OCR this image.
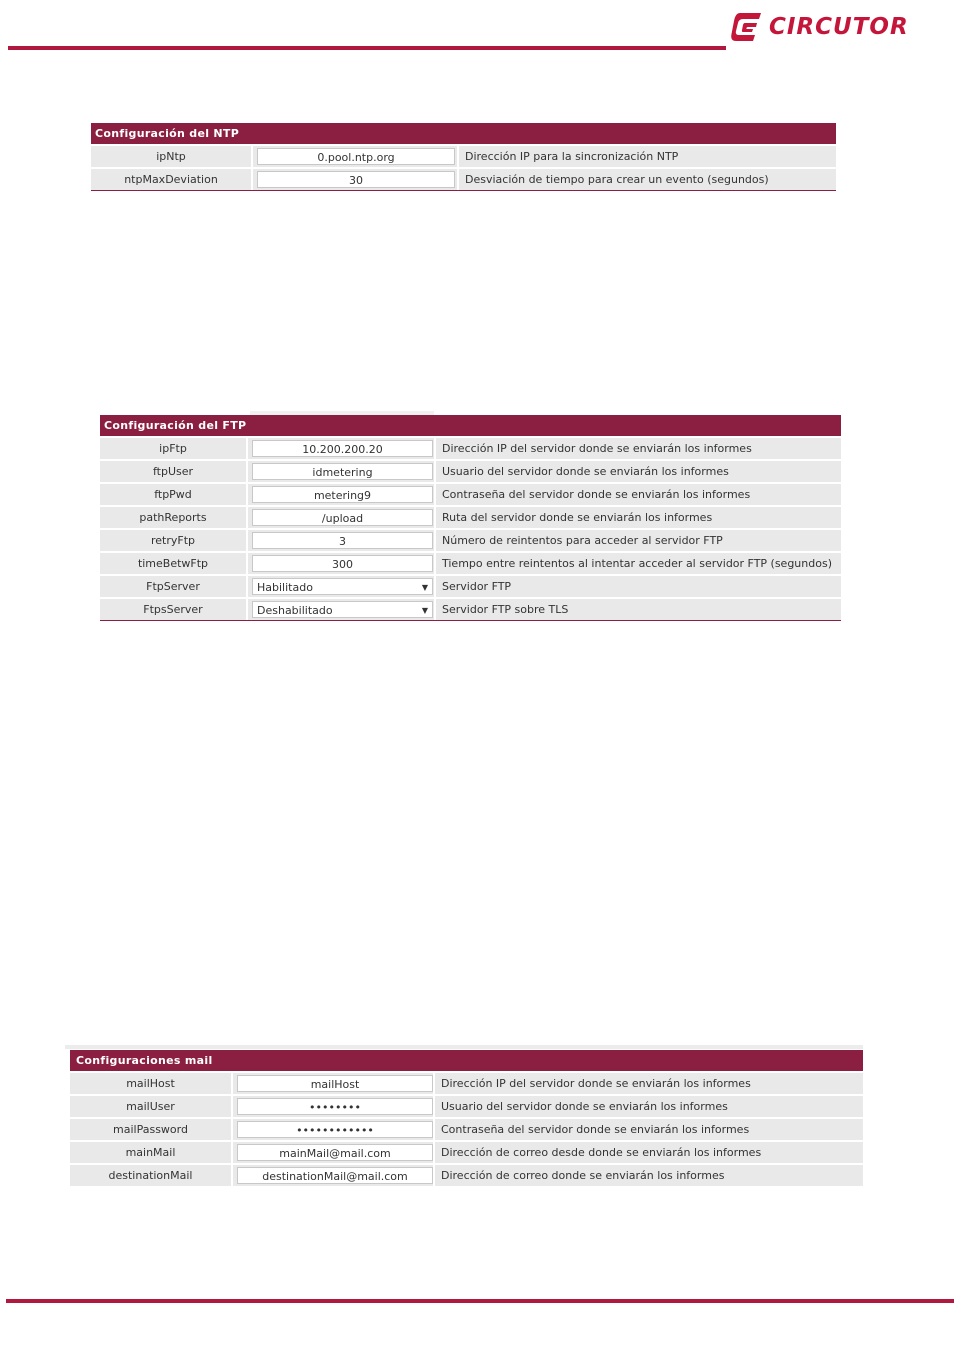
CIRCUTOR
Configuración del NTP
ipNtp	0.pool.ntp.org	Dirección IP para la sincronización NTP
ntpMaxDeviation	30	Desviación de tiempo para crear un evento (segundos)
Configuración del FTP
ipFtp	10.200.200.20	Dirección IP del servidor donde se enviarán los informes
ftpUser	idmetering	Usuario del servidor donde se enviarán los informes
ftpPwd	metering9	Contraseña del servidor donde se enviarán los informes
pathReports	/upload	Ruta del servidor donde se enviarán los informes
retryFtp	3	Número de reintentos para acceder al servidor FTP
timeBetwFtp	300	Tiempo entre reintentos al intentar acceder al servidor FTP (segundos)
FtpServer	Habilitado ▼	Servidor FTP
FtpsServer	Deshabilitado ▼	Servidor FTP sobre TLS
Configuraciones mail
mailHost	mailHost	Dirección IP del servidor donde se enviarán los informes
mailUser	••••••••	Usuario del servidor donde se enviarán los informes
mailPassword	••••••••••••	Contraseña del servidor donde se enviarán los informes
mainMail	mainMail@mail.com	Dirección de correo desde donde se enviarán los informes
destinationMail	destinationMail@mail.com	Dirección de correo donde se enviarán los informes
